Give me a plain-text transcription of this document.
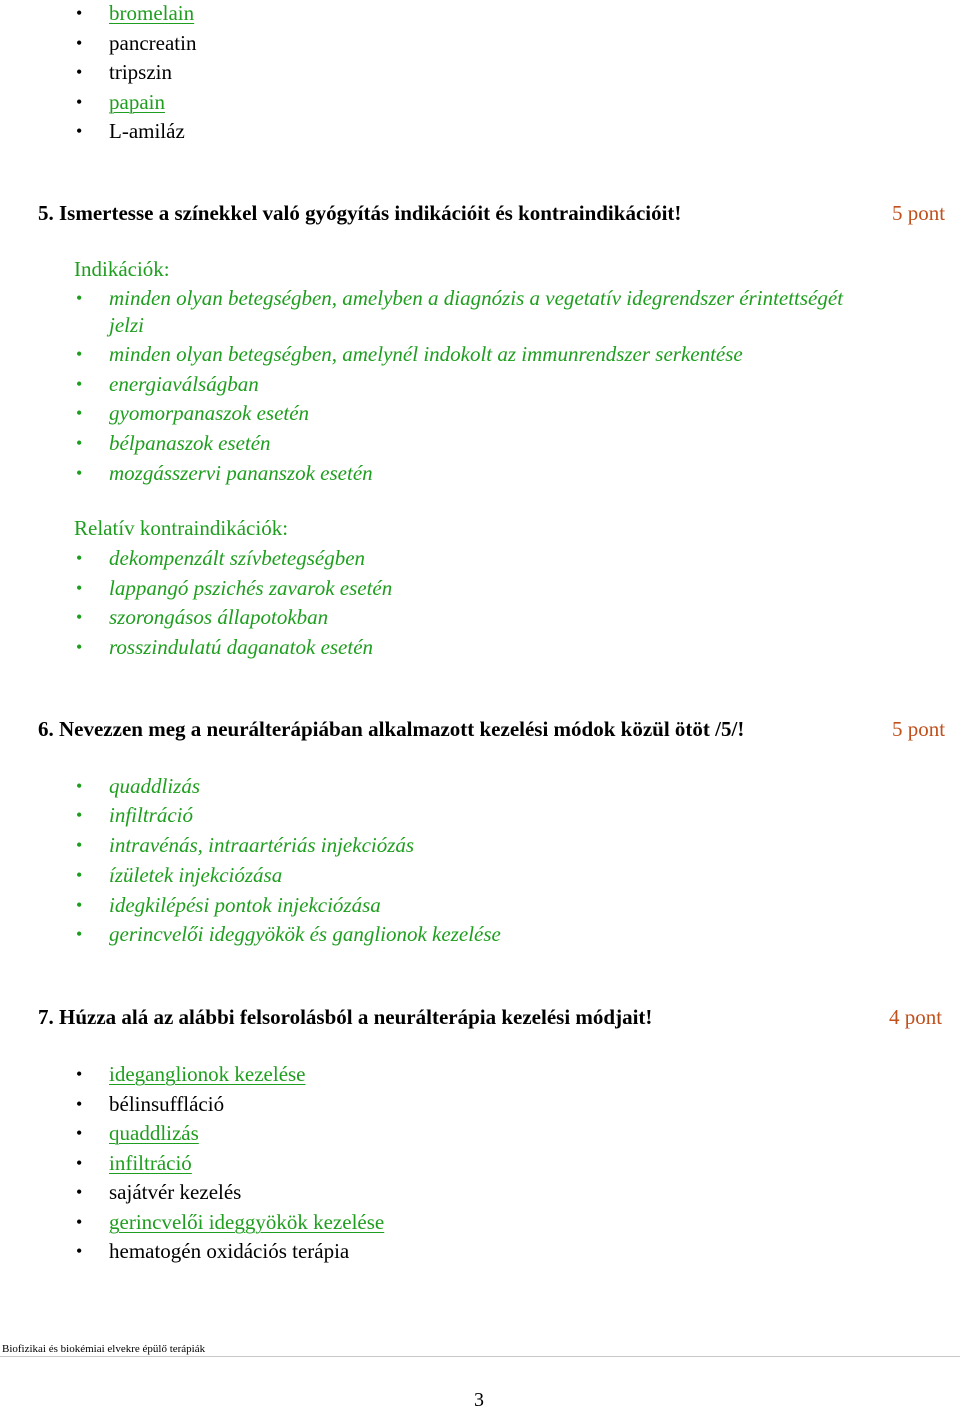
• bromelain
• pancreatin
• tripszin
• papain
• L-amiláz
5. Ismertesse a színekkel való gyógyítás indikációit és kontraindikációit!	5 pont
Indikációk:
• minden olyan betegségben, amelyben a diagnózis a vegetatív idegrendszer érintettségét
jelzi
• minden olyan betegségben, amelynél indokolt az immunrendszer serkentése
• energiaválságban
• gyomorpanaszok esetén
• bélpanaszok esetén
• mozgásszervi pananszok esetén
Relatív kontraindikációk:
• dekompenzált szívbetegségben
• lappangó pszichés zavarok esetén
• szorongásos állapotokban
• rosszindulatú daganatok esetén
6. Nevezzen meg a neurálterápiában alkalmazott kezelési módok közül ötöt /5/!	5 pont
• quaddlizás
• infiltráció
• intravénás, intraartériás injekciózás
• ízületek injekciózása
• idegkilépési pontok injekciózása
• gerincvelői ideggyökök és ganglionok kezelése
7. Húzza alá az alábbi felsorolásból a neurálterápia kezelési módjait!	4 pont
• ideganglionok kezelése
• bélinsuffláció
• quaddlizás
• infiltráció
• sajátvér kezelés
• gerincvelői ideggyökök kezelése
• hematogén oxidációs terápia
Biofizikai és biokémiai elvekre épülő terápiák
3
